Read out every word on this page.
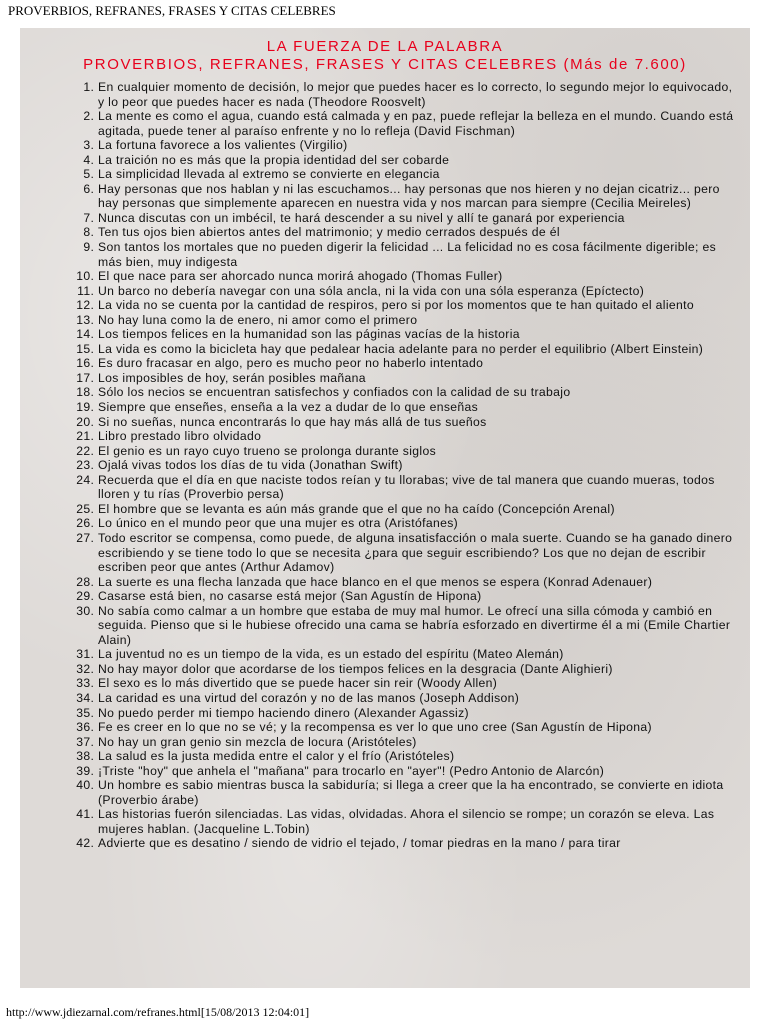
PROVERBIOS, REFRANES, FRASES Y CITAS CELEBRES
LA FUERZA DE LA PALABRA
PROVERBIOS, REFRANES, FRASES Y CITAS CELEBRES (Más de 7.600)
1. En cualquier momento de decisión, lo mejor que puedes hacer es lo correcto, lo segundo mejor lo equivocado, y lo peor que puedes hacer es nada (Theodore Roosvelt)
2. La mente es como el agua, cuando está calmada y en paz, puede reflejar la belleza en el mundo. Cuando está agitada, puede tener al paraíso enfrente y no lo refleja (David Fischman)
3. La fortuna favorece a los valientes (Virgilio)
4. La traición no es más que la propia identidad del ser cobarde
5. La simplicidad llevada al extremo se convierte en elegancia
6. Hay personas que nos hablan y ni las escuchamos... hay personas que nos hieren y no dejan cicatriz... pero hay personas que simplemente aparecen en nuestra vida y nos marcan para siempre (Cecilia Meireles)
7. Nunca discutas con un imbécil, te hará descender a su nivel y allí te ganará por experiencia
8. Ten tus ojos bien abiertos antes del matrimonio; y medio cerrados después de él
9. Son tantos los mortales que no pueden digerir la felicidad ... La felicidad no es cosa fácilmente digerible; es más bien, muy indigesta
10. El que nace para ser ahorcado nunca morirá ahogado (Thomas Fuller)
11. Un barco no debería navegar con una sóla ancla, ni la vida con una sóla esperanza (Epíctecto)
12. La vida no se cuenta por la cantidad de respiros, pero si por los momentos que te han quitado el aliento
13. No hay luna como la de enero, ni amor como el primero
14. Los tiempos felices en la humanidad son las páginas vacías de la historia
15. La vida es como la bicicleta hay que pedalear hacia adelante para no perder el equilibrio (Albert Einstein)
16. Es duro fracasar en algo, pero es mucho peor no haberlo intentado
17. Los imposibles de hoy, serán posibles mañana
18. Sólo los necios se encuentran satisfechos y confiados con la calidad de su trabajo
19. Siempre que enseñes, enseña a la vez a dudar de lo que enseñas
20. Si no sueñas, nunca encontrarás lo que hay más allá de tus sueños
21. Libro prestado libro olvidado
22. El genio es un rayo cuyo trueno se prolonga durante siglos
23. Ojalá vivas todos los días de tu vida (Jonathan Swift)
24. Recuerda que el día en que naciste todos reían y tu llorabas; vive de tal manera que cuando mueras, todos lloren y tu rías (Proverbio persa)
25. El hombre que se levanta es aún más grande que el que no ha caído (Concepción Arenal)
26. Lo único en el mundo peor que una mujer es otra (Aristófanes)
27. Todo escritor se compensa, como puede, de alguna insatisfacción o mala suerte. Cuando se ha ganado dinero escribiendo y se tiene todo lo que se necesita ¿para que seguir escribiendo? Los que no dejan de escribir escriben peor que antes (Arthur Adamov)
28. La suerte es una flecha lanzada que hace blanco en el que menos se espera (Konrad Adenauer)
29. Casarse está bien, no casarse está mejor (San Agustín de Hipona)
30. No sabía como calmar a un hombre que estaba de muy mal humor. Le ofrecí una silla cómoda y cambió en seguida. Pienso que si le hubiese ofrecido una cama se habría esforzado en divertirme él a mi (Emile Chartier Alain)
31. La juventud no es un tiempo de la vida, es un estado del espíritu (Mateo Alemán)
32. No hay mayor dolor que acordarse de los tiempos felices en la desgracia (Dante Alighieri)
33. El sexo es lo más divertido que se puede hacer sin reir (Woody Allen)
34. La caridad es una virtud del corazón y no de las manos (Joseph Addison)
35. No puedo perder mi tiempo haciendo dinero (Alexander Agassiz)
36. Fe es creer en lo que no se vé; y la recompensa es ver lo que uno cree (San Agustín de Hipona)
37. No hay un gran genio sin mezcla de locura (Aristóteles)
38. La salud es la justa medida entre el calor y el frío (Aristóteles)
39. ¡Triste "hoy" que anhela el "mañana" para trocarlo en "ayer"! (Pedro Antonio de Alarcón)
40. Un hombre es sabio mientras busca la sabiduría; si llega a creer que la ha encontrado, se convierte en idiota (Proverbio árabe)
41. Las historias fuerón silenciadas. Las vidas, olvidadas. Ahora el silencio se rompe; un corazón se eleva. Las mujeres hablan. (Jacqueline L.Tobin)
42. Advierte que es desatino / siendo de vidrio el tejado, / tomar piedras en la mano / para tirar
http://www.jdiezarnal.com/refranes.html[15/08/2013 12:04:01]
